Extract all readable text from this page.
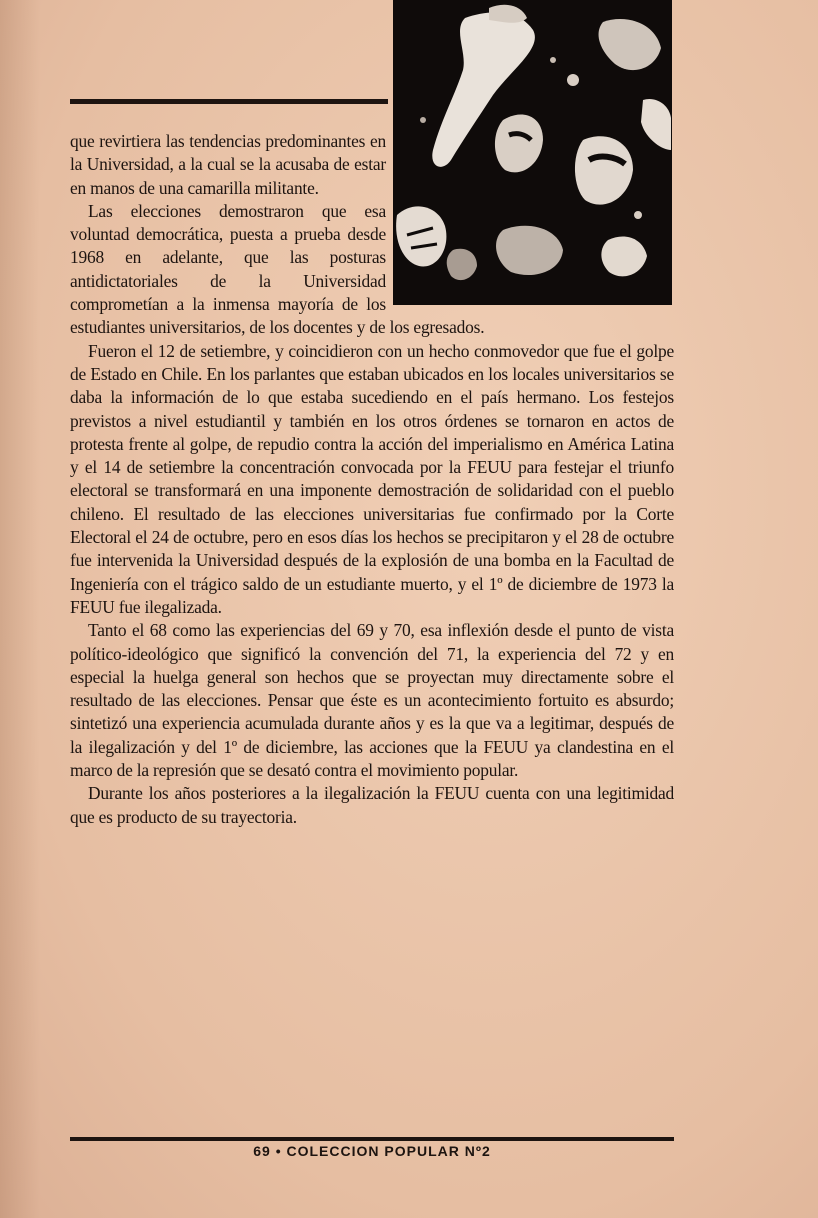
que revirtiera las tendencias predominantes en la Universidad, a la cual se la acusaba de estar en manos de una camarilla militante.

Las elecciones demostraron que esa voluntad democrática, puesta a prueba desde 1968 en adelante, que las posturas antidictatoriales de la Universidad comprometían a la inmensa mayoría de los estudiantes universitarios, de los docentes y de los egresados.

Fueron el 12 de setiembre, y coincidieron con un hecho conmovedor que fue el golpe de Estado en Chile. En los parlantes que estaban ubicados en los locales universitarios se daba la información de lo que estaba sucediendo en el país hermano. Los festejos previstos a nivel estudiantil y también en los otros órdenes se tornaron en actos de protesta frente al golpe, de repudio contra la acción del imperialismo en América Latina y el 14 de setiembre la concentración convocada por la FEUU para festejar el triunfo electoral se transformará en una imponente demostración de solidaridad con el pueblo chileno. El resultado de las elecciones universitarias fue confirmado por la Corte Electoral el 24 de octubre, pero en esos días los hechos se precipitaron y el 28 de octubre fue intervenida la Universidad después de la explosión de una bomba en la Facultad de Ingeniería con el trágico saldo de un estudiante muerto, y el 1º de diciembre de 1973 la FEUU fue ilegalizada.

Tanto el 68 como las experiencias del 69 y 70, esa inflexión desde el punto de vista político-ideológico que significó la convención del 71, la experiencia del 72 y en especial la huelga general son hechos que se proyectan muy directamente sobre el resultado de las elecciones. Pensar que éste es un acontecimiento fortuito es absurdo; sintetizó una experiencia acumulada durante años y es la que va a legitimar, después de la ilegalización y del 1º de diciembre, las acciones que la FEUU ya clandestina en el marco de la represión que se desató contra el movimiento popular.

Durante los años posteriores a la ilegalización la FEUU cuenta con una legitimidad que es producto de su trayectoria.

69 • COLECCION POPULAR Nº2
